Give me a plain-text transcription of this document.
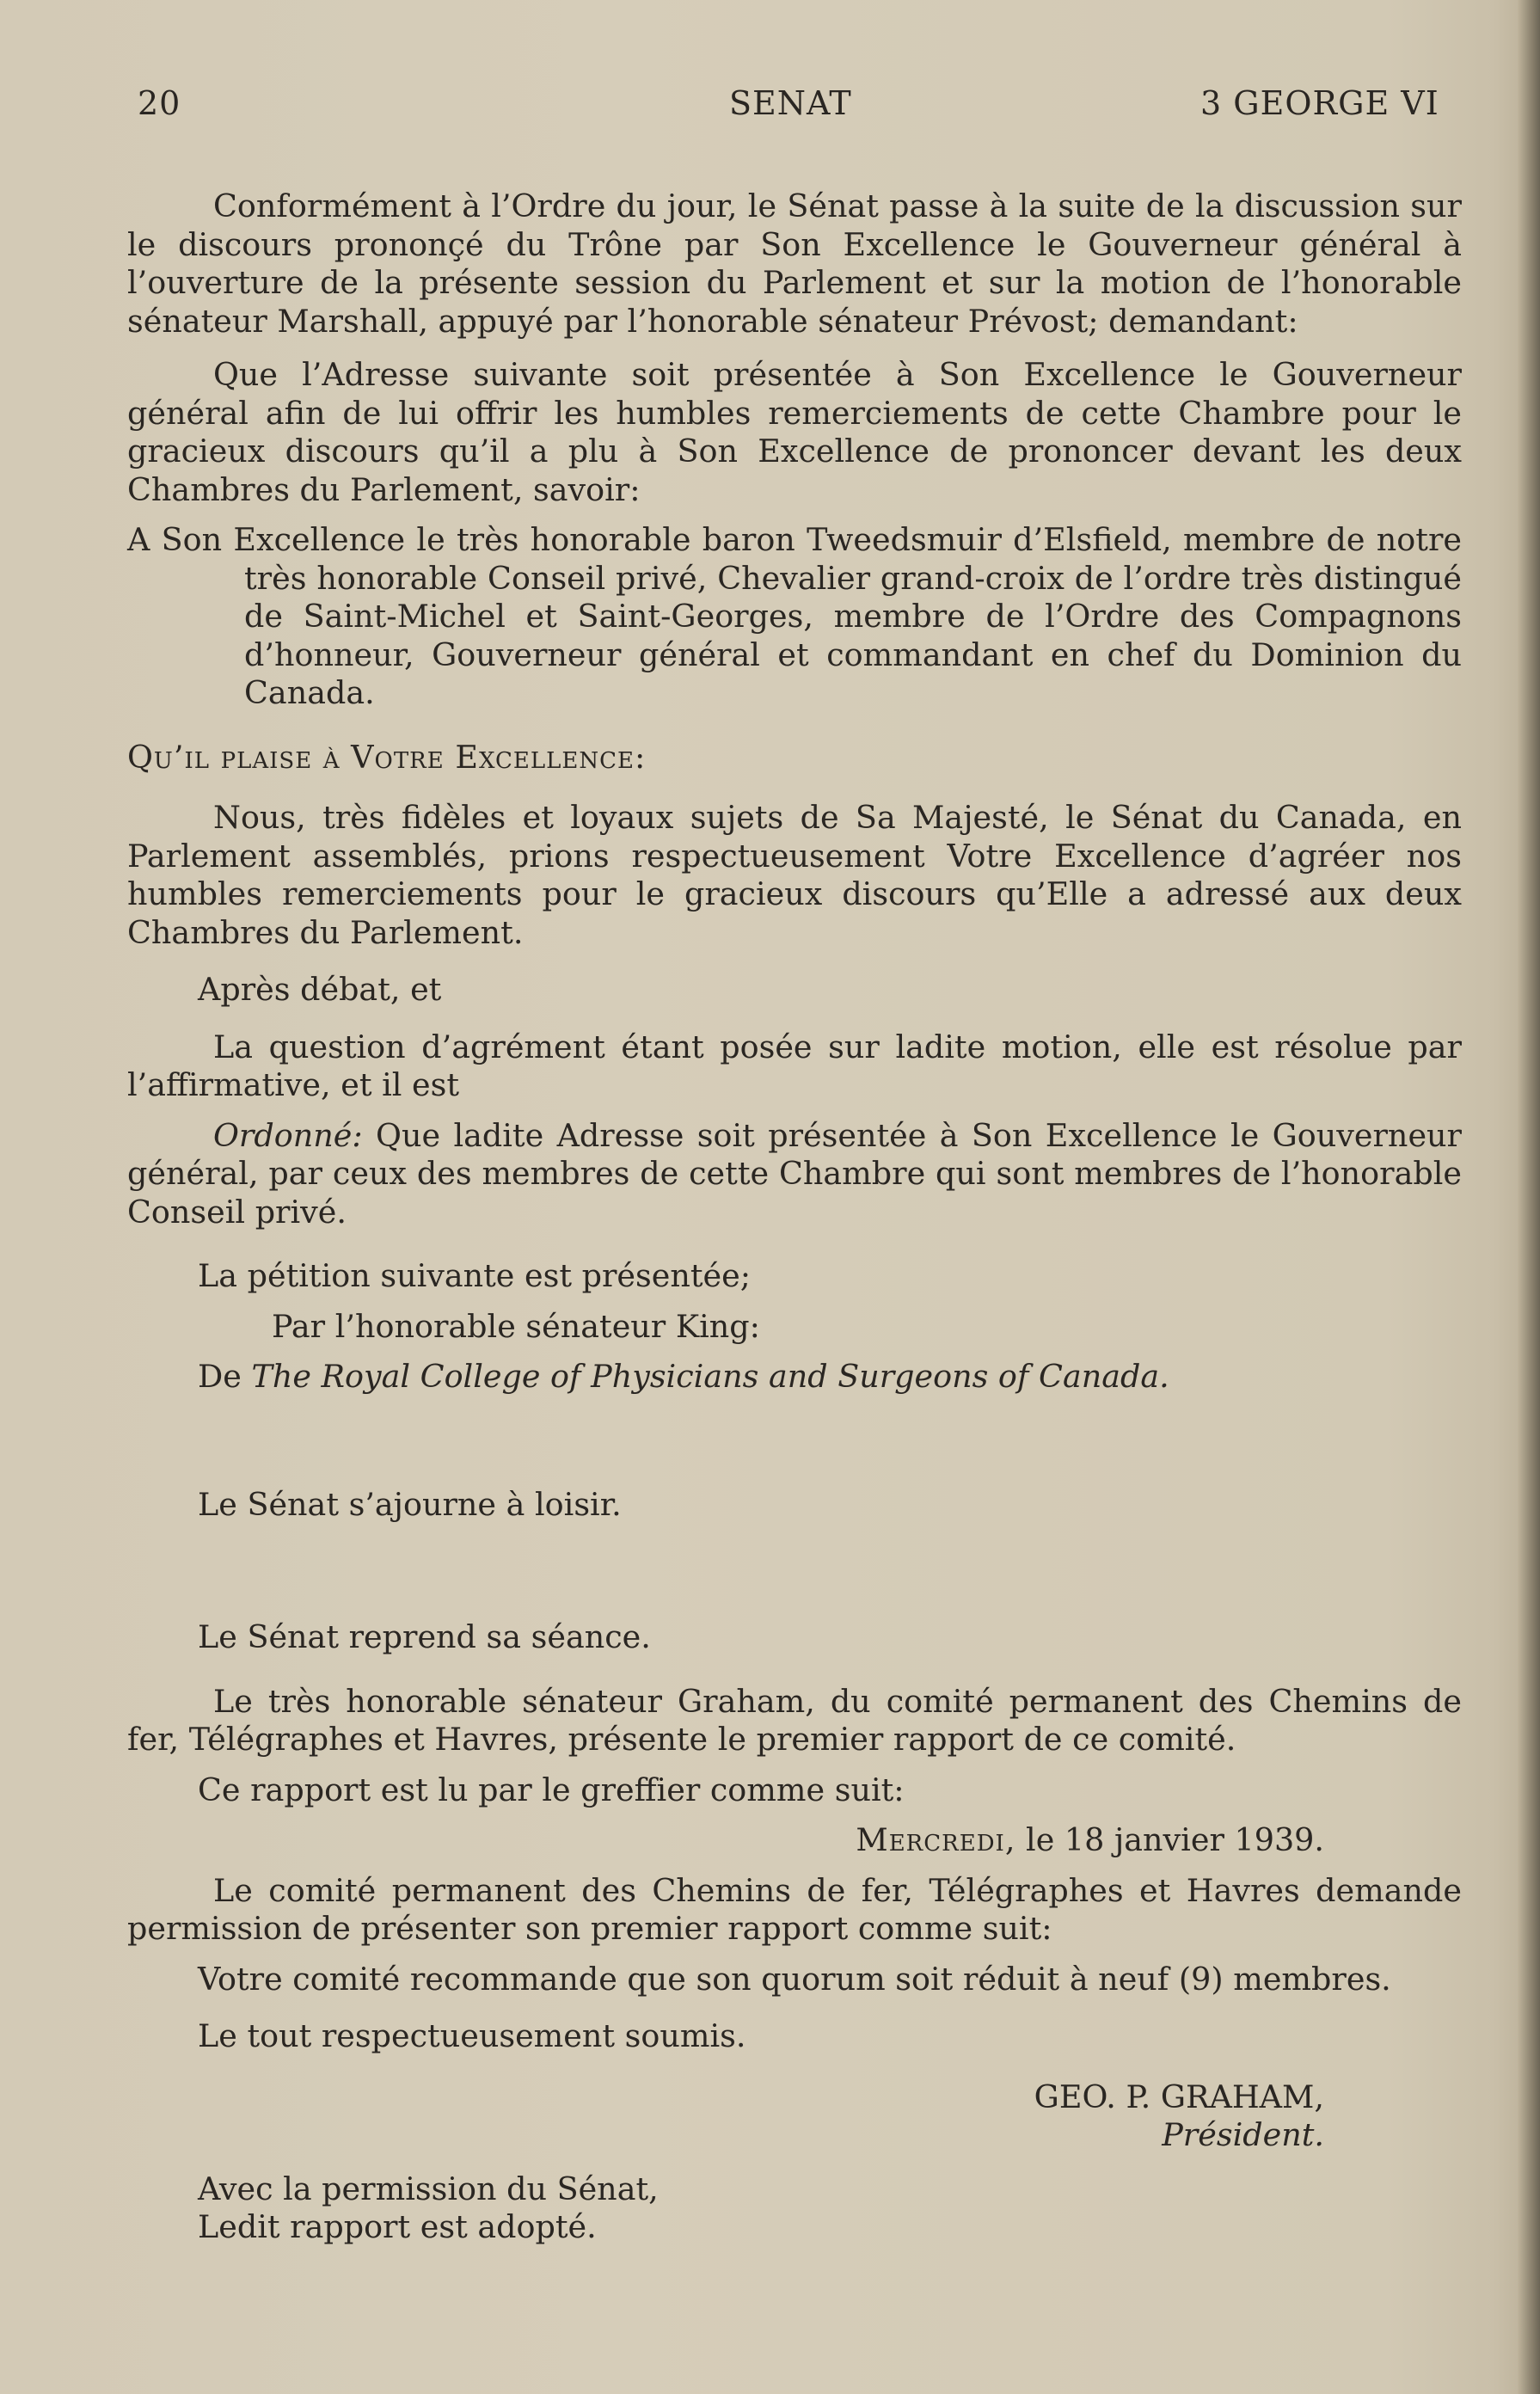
20	SENAT	3 GEORGE VI

Conformément à l’Ordre du jour, le Sénat passe à la suite de la discussion sur le discours prononçé du Trône par Son Excellence le Gouverneur général à l’ouverture de la présente session du Parlement et sur la motion de l’honorable sénateur Marshall, appuyé par l’honorable sénateur Prévost; demandant:

Que l’Adresse suivante soit présentée à Son Excellence le Gouverneur général afin de lui offrir les humbles remerciements de cette Chambre pour le gracieux discours qu’il a plu à Son Excellence de prononcer devant les deux Chambres du Parlement, savoir:

A Son Excellence le très honorable baron Tweedsmuir d’Elsfield, membre de notre très honorable Conseil privé, Chevalier grand-croix de l’ordre très distingué de Saint-Michel et Saint-Georges, membre de l’Ordre des Compagnons d’honneur, Gouverneur général et commandant en chef du Dominion du Canada.

Qu’il plaise à Votre Excellence:

Nous, très fidèles et loyaux sujets de Sa Majesté, le Sénat du Canada, en Parlement assemblés, prions respectueusement Votre Excellence d’agréer nos humbles remerciements pour le gracieux discours qu’Elle a adressé aux deux Chambres du Parlement.

Après débat, et

La question d’agrément étant posée sur ladite motion, elle est résolue par l’affirmative, et il est

Ordonné: Que ladite Adresse soit présentée à Son Excellence le Gouverneur général, par ceux des membres de cette Chambre qui sont membres de l’honorable Conseil privé.

La pétition suivante est présentée;

Par l’honorable sénateur King:

De The Royal College of Physicians and Surgeons of Canada.

Le Sénat s’ajourne à loisir.

Le Sénat reprend sa séance.

Le très honorable sénateur Graham, du comité permanent des Chemins de fer, Télégraphes et Havres, présente le premier rapport de ce comité.

Ce rapport est lu par le greffier comme suit:

Mercredi, le 18 janvier 1939.

Le comité permanent des Chemins de fer, Télégraphes et Havres demande permission de présenter son premier rapport comme suit:

Votre comité recommande que son quorum soit réduit à neuf (9) membres.

Le tout respectueusement soumis.

GEO. P. GRAHAM,

Président.

Avec la permission du Sénat,

Ledit rapport est adopté.
